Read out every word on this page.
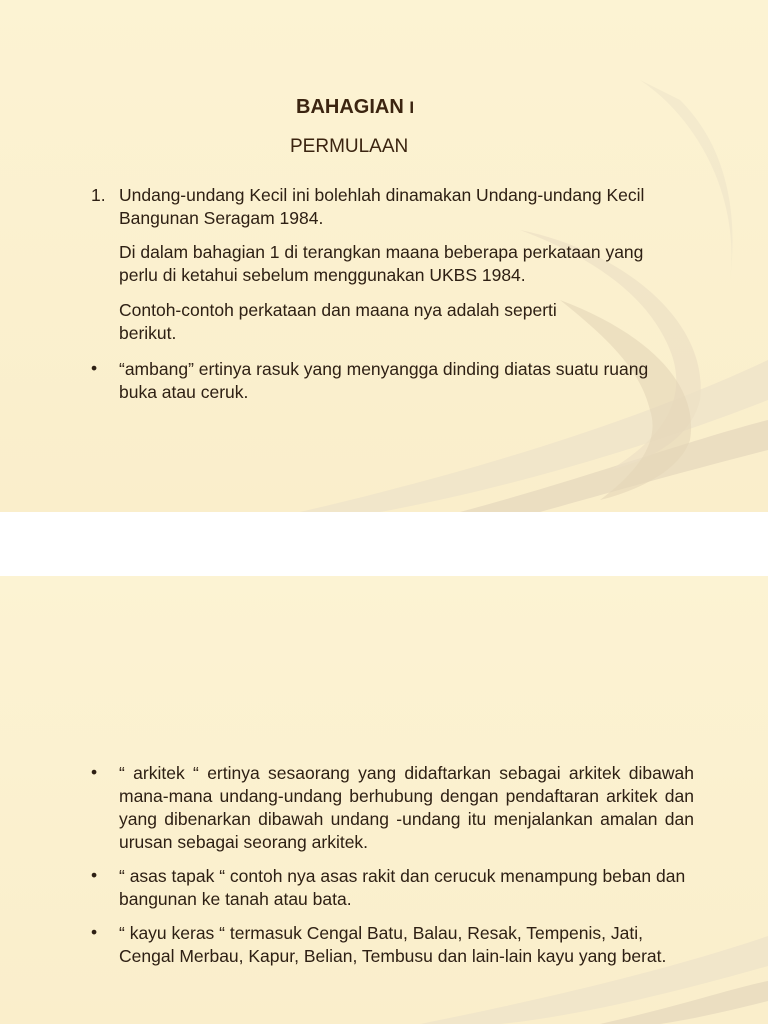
BAHAGIAN I
PERMULAAN
1. Undang-undang Kecil ini bolehlah dinamakan Undang-undang Kecil Bangunan Seragam 1984.
Di dalam bahagian 1 di terangkan maana beberapa perkataan yang perlu di ketahui sebelum menggunakan UKBS 1984.
Contoh-contoh perkataan dan maana nya adalah seperti berikut.
• “ambang” ertinya rasuk yang menyangga dinding diatas suatu ruang buka atau ceruk.
• “ arkitek “ ertinya sesaorang yang didaftarkan sebagai arkitek dibawah mana-mana undang-undang berhubung dengan pendaftaran arkitek dan yang dibenarkan dibawah undang -undang itu menjalankan amalan dan urusan sebagai seorang arkitek.
• “ asas tapak “ contoh nya asas rakit dan cerucuk menampung beban dan bangunan ke tanah atau bata.
• “ kayu keras “ termasuk Cengal Batu, Balau, Resak, Tempenis, Jati, Cengal Merbau, Kapur, Belian, Tembusu dan lain-lain kayu yang berat.
